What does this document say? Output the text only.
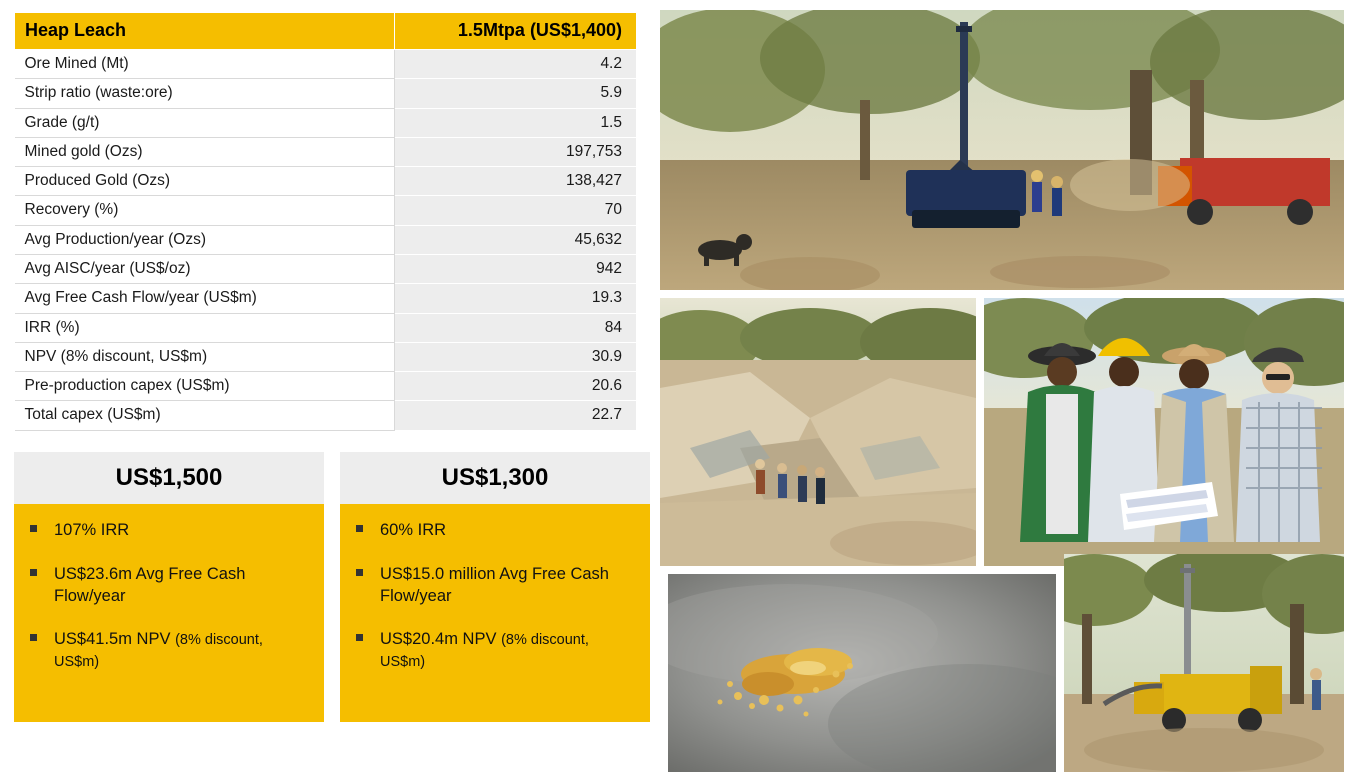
Heap Leach	1.5Mtpa (US$1,400)
Ore Mined (Mt)	4.2
Strip ratio (waste:ore)	5.9
Grade (g/t)	1.5
Mined gold (Ozs)	197,753
Produced Gold (Ozs)	138,427
Recovery (%)	70
Avg Production/year (Ozs)	45,632
Avg AISC/year (US$/oz)	942
Avg Free Cash Flow/year (US$m)	19.3
IRR (%)	84
NPV (8% discount, US$m)	30.9
Pre-production capex (US$m)	20.6
Total capex (US$m)	22.7
US$1,500
107% IRR
US$23.6m Avg Free Cash Flow/year
US$41.5m NPV (8% discount, US$m)
US$1,300
60% IRR
US$15.0 million Avg Free Cash Flow/year
US$20.4m NPV (8% discount, US$m)
